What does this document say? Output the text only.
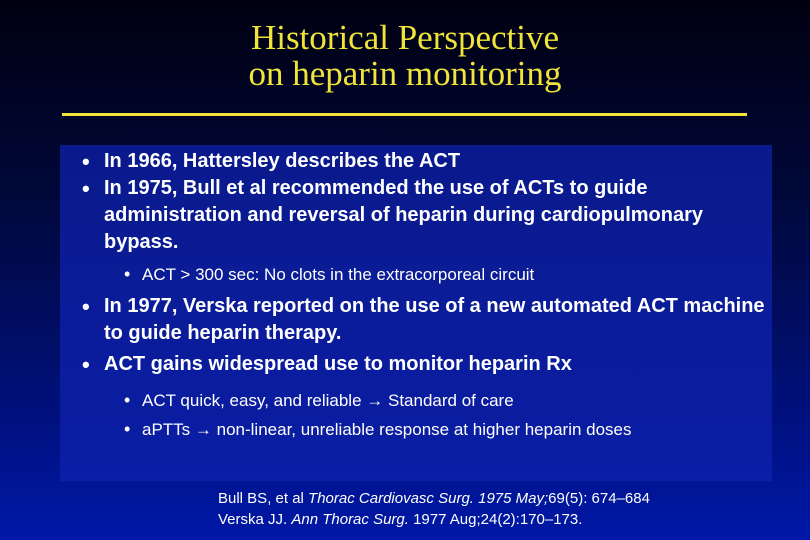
Historical Perspective
on heparin monitoring
• In 1966, Hattersley describes the ACT
• In 1975, Bull et al recommended the use of ACTs to guide administration and reversal of heparin during cardiopulmonary bypass.
• ACT > 300 sec: No clots in the extracorporeal circuit
• In 1977, Verska reported on the use of a new automated ACT machine to guide heparin therapy.
• ACT gains widespread use to monitor heparin Rx
• ACT quick, easy, and reliable → Standard of care
• aPTTs → non-linear, unreliable response at higher heparin doses
Bull BS, et al Thorac Cardiovasc Surg. 1975 May;69(5): 674–684
Verska JJ. Ann Thorac Surg. 1977 Aug;24(2):170–173.
